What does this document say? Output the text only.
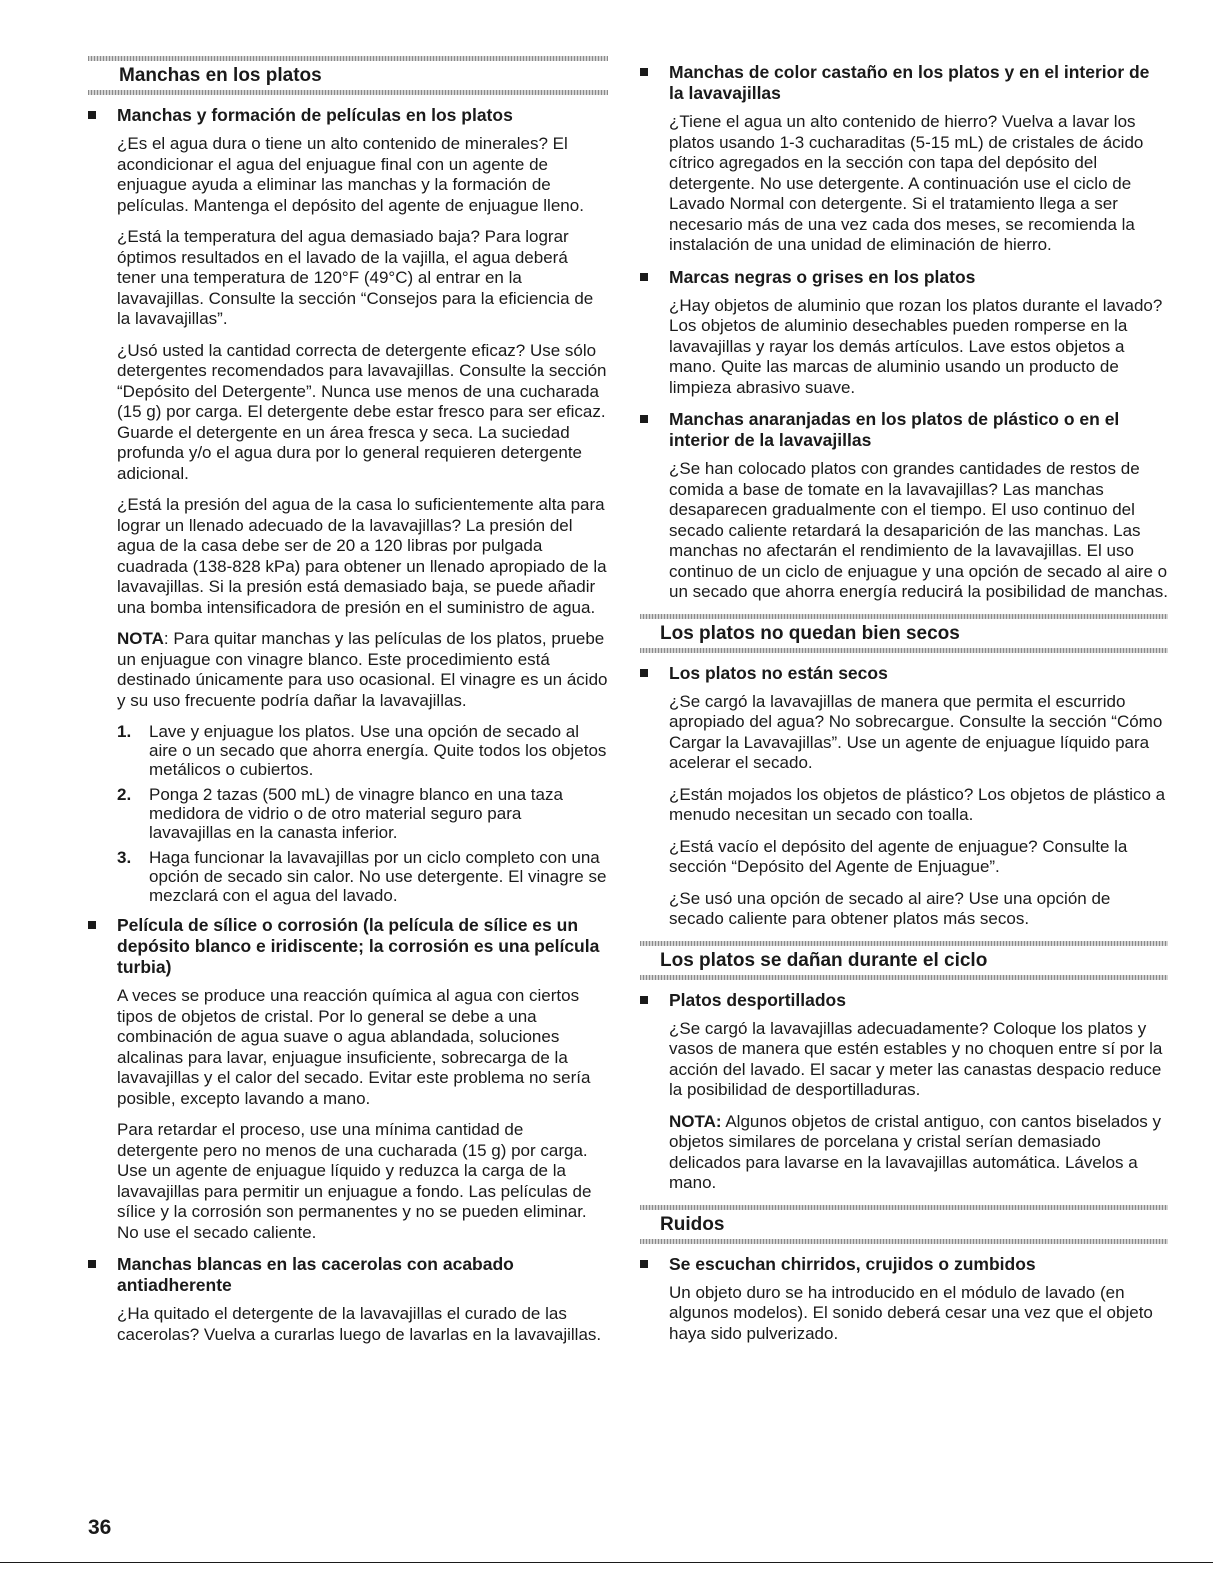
Manchas en los platos
Manchas y formación de películas en los platos

¿Es el agua dura o tiene un alto contenido de minerales? El acondicionar el agua del enjuague final con un agente de enjuague ayuda a eliminar las manchas y la formación de películas. Mantenga el depósito del agente de enjuague lleno.

¿Está la temperatura del agua demasiado baja? Para lograr óptimos resultados en el lavado de la vajilla, el agua deberá tener una temperatura de 120°F (49°C) al entrar en la lavavajillas. Consulte la sección “Consejos para la eficiencia de la lavavajillas”.

¿Usó usted la cantidad correcta de detergente eficaz? Use sólo detergentes recomendados para lavavajillas. Consulte la sección “Depósito del Detergente”. Nunca use menos de una cucharada (15 g) por carga. El detergente debe estar fresco para ser eficaz. Guarde el detergente en un área fresca y seca. La suciedad profunda y/o el agua dura por lo general requieren detergente adicional.

¿Está la presión del agua de la casa lo suficientemente alta para lograr un llenado adecuado de la lavavajillas? La presión del agua de la casa debe ser de 20 a 120 libras por pulgada cuadrada (138-828 kPa) para obtener un llenado apropiado de la lavavajillas. Si la presión está demasiado baja, se puede añadir una bomba intensificadora de presión en el suministro de agua.

NOTA: Para quitar manchas y las películas de los platos, pruebe un enjuague con vinagre blanco. Este procedimiento está destinado únicamente para uso ocasional. El vinagre es un ácido y su uso frecuente podría dañar la lavavajillas.

1. Lave y enjuague los platos. Use una opción de secado al aire o un secado que ahorra energía. Quite todos los objetos metálicos o cubiertos.
2. Ponga 2 tazas (500 mL) de vinagre blanco en una taza medidora de vidrio o de otro material seguro para lavavajillas en la canasta inferior.
3. Haga funcionar la lavavajillas por un ciclo completo con una opción de secado sin calor. No use detergente. El vinagre se mezclará con el agua del lavado.
Película de sílice o corrosión (la película de sílice es un depósito blanco e iridiscente; la corrosión es una película turbia)

A veces se produce una reacción química al agua con ciertos tipos de objetos de cristal. Por lo general se debe a una combinación de agua suave o agua ablandada, soluciones alcalinas para lavar, enjuague insuficiente, sobrecarga de la lavavajillas y el calor del secado. Evitar este problema no sería posible, excepto lavando a mano.

Para retardar el proceso, use una mínima cantidad de detergente pero no menos de una cucharada (15 g) por carga. Use un agente de enjuague líquido y reduzca la carga de la lavavajillas para permitir un enjuague a fondo. Las películas de sílice y la corrosión son permanentes y no se pueden eliminar. No use el secado caliente.

Manchas blancas en las cacerolas con acabado antiadherente

¿Ha quitado el detergente de la lavavajillas el curado de las cacerolas? Vuelva a curarlas luego de lavarlas en la lavavajillas.

Manchas de color castaño en los platos y en el interior de la lavavajillas

¿Tiene el agua un alto contenido de hierro? Vuelva a lavar los platos usando 1-3 cucharaditas (5-15 mL) de cristales de ácido cítrico agregados en la sección con tapa del depósito del detergente. No use detergente. A continuación use el ciclo de Lavado Normal con detergente. Si el tratamiento llega a ser necesario más de una vez cada dos meses, se recomienda la instalación de una unidad de eliminación de hierro.

Marcas negras o grises en los platos

¿Hay objetos de aluminio que rozan los platos durante el lavado? Los objetos de aluminio desechables pueden romperse en la lavavajillas y rayar los demás artículos. Lave estos objetos a mano. Quite las marcas de aluminio usando un producto de limpieza abrasivo suave.

Manchas anaranjadas en los platos de plástico o en el interior de la lavavajillas

¿Se han colocado platos con grandes cantidades de restos de comida a base de tomate en la lavavajillas? Las manchas desaparecen gradualmente con el tiempo. El uso continuo del secado caliente retardará la desaparición de las manchas. Las manchas no afectarán el rendimiento de la lavavajillas. El uso continuo de un ciclo de enjuague y una opción de secado al aire o un secado que ahorra energía reducirá la posibilidad de manchas.

Los platos no quedan bien secos
Los platos no están secos

¿Se cargó la lavavajillas de manera que permita el escurrido apropiado del agua? No sobrecargue. Consulte la sección “Cómo Cargar la Lavavajillas”. Use un agente de enjuague líquido para acelerar el secado.

¿Están mojados los objetos de plástico? Los objetos de plástico a menudo necesitan un secado con toalla.

¿Está vacío el depósito del agente de enjuague? Consulte la sección “Depósito del Agente de Enjuague”.

¿Se usó una opción de secado al aire? Use una opción de secado caliente para obtener platos más secos.

Los platos se dañan durante el ciclo
Platos desportillados

¿Se cargó la lavavajillas adecuadamente? Coloque los platos y vasos de manera que estén estables y no choquen entre sí por la acción del lavado. El sacar y meter las canastas despacio reduce la posibilidad de desportilladuras.

NOTA: Algunos objetos de cristal antiguo, con cantos biselados y objetos similares de porcelana y cristal serían demasiado delicados para lavarse en la lavavajillas automática. Lávelos a mano.

Ruidos
Se escuchan chirridos, crujidos o zumbidos

Un objeto duro se ha introducido en el módulo de lavado (en algunos modelos). El sonido deberá cesar una vez que el objeto haya sido pulverizado.

36
